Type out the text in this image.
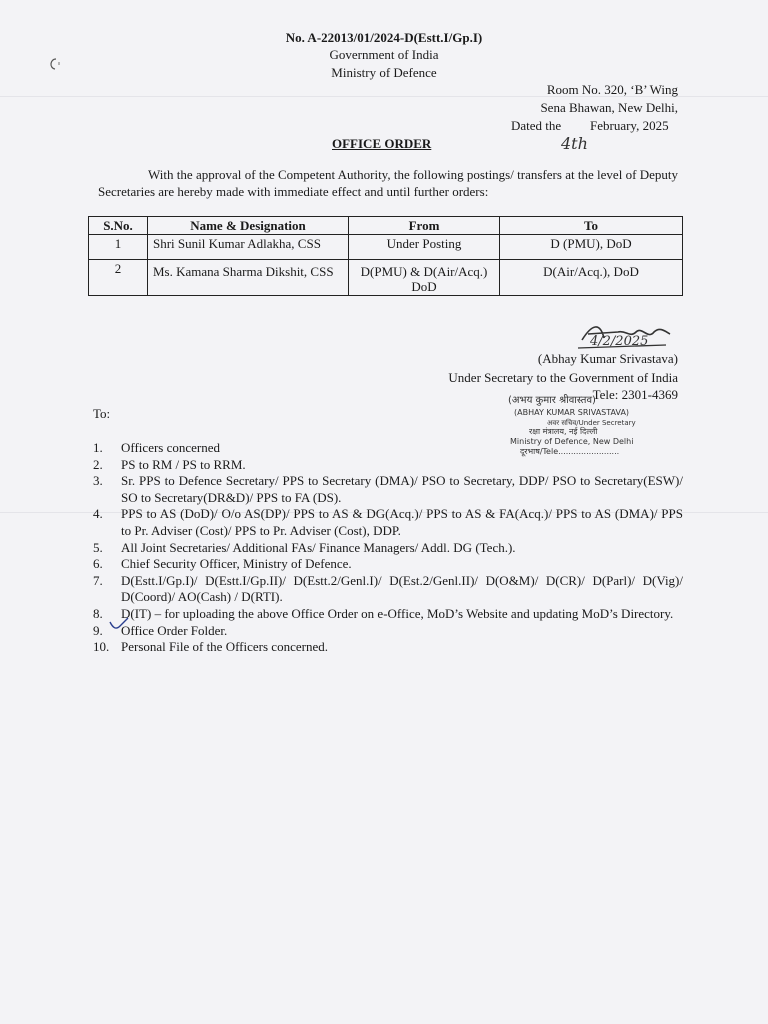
No. A-22013/01/2024-D(Estt.I/Gp.I)
Government of India
Ministry of Defence
Room No. 320, ‘B’ Wing
Sena Bhawan, New Delhi,
Dated the February, 2025
4th
OFFICE ORDER
With the approval of the Competent Authority, the following postings/ transfers at the level of Deputy Secretaries are hereby made with immediate effect and until further orders:
S.No.	Name & Designation	From	To
1	Shri Sunil Kumar Adlakha, CSS	Under Posting	D (PMU), DoD
2	Ms. Kamana Sharma Dikshit, CSS	D(PMU) & D(Air/Acq.) DoD	D(Air/Acq.), DoD
4/2/2025
(Abhay Kumar Srivastava)
Under Secretary to the Government of India
Tele: 2301-4369
(अभय कुमार श्रीवास्तव)
(ABHAY KUMAR SRIVASTAVA)
अवर सचिव/Under Secretary
रक्षा मंत्रालय, नई दिल्ली
Ministry of Defence, New Delhi
दूरभाष/Tele........................
To:
1.	Officers concerned
2.	PS to RM / PS to RRM.
3.	Sr. PPS to Defence Secretary/ PPS to Secretary (DMA)/ PSO to Secretary, DDP/ PSO to Secretary(ESW)/ SO to Secretary(DR&D)/ PPS to FA (DS).
4.	PPS to AS (DoD)/ O/o AS(DP)/ PPS to AS & DG(Acq.)/ PPS to AS & FA(Acq.)/ PPS to AS (DMA)/ PPS to Pr. Adviser (Cost)/ PPS to Pr. Adviser (Cost), DDP.
5.	All Joint Secretaries/ Additional FAs/ Finance Managers/ Addl. DG (Tech.).
6.	Chief Security Officer, Ministry of Defence.
7.	D(Estt.I/Gp.I)/ D(Estt.I/Gp.II)/ D(Estt.2/Genl.I)/ D(Est.2/Genl.II)/ D(O&M)/ D(CR)/ D(Parl)/ D(Vig)/ D(Coord)/ AO(Cash) / D(RTI).
8.	D(IT) – for uploading the above Office Order on e-Office, MoD’s Website and updating MoD’s Directory.
9.	Office Order Folder.
10. Personal File of the Officers concerned.
